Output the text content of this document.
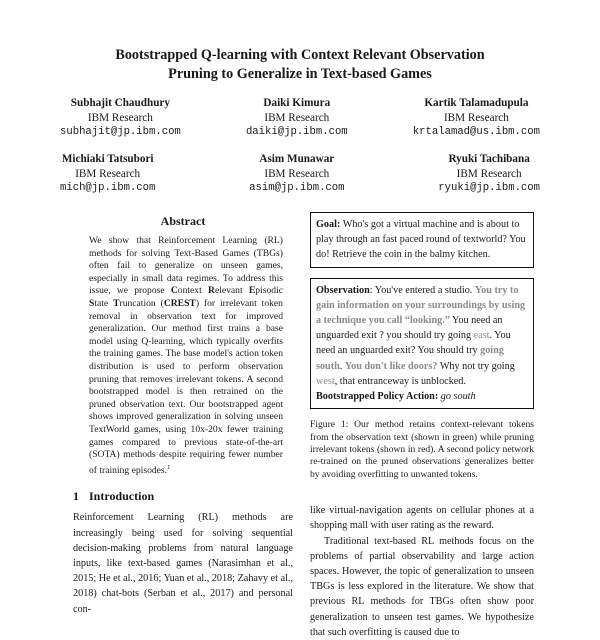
Bootstrapped Q-learning with Context Relevant Observation
Pruning to Generalize in Text-based Games
Subhajit Chaudhury
IBM Research
subhajit@jp.ibm.com
Daiki Kimura
IBM Research
daiki@jp.ibm.com
Kartik Talamadupula
IBM Research
krtalamad@us.ibm.com
Michiaki Tatsubori
IBM Research
mich@jp.ibm.com
Asim Munawar
IBM Research
asim@jp.ibm.com
Ryuki Tachibana
IBM Research
ryuki@jp.ibm.com
Abstract
We show that Reinforcement Learning (RL) methods for solving Text-Based Games (TBGs) often fail to generalize on unseen games, especially in small data regimes. To address this issue, we propose Context Relevant Episodic State Truncation (CREST) for irrelevant token removal in observation text for improved generalization. Our method first trains a base model using Q-learning, which typically overfits the training games. The base model's action token distribution is used to perform observation pruning that removes irrelevant tokens. A second bootstrapped model is then retrained on the pruned observation text. Our bootstrapped agent shows improved generalization in solving unseen TextWorld games, using 10x-20x fewer training games compared to previous state-of-the-art (SOTA) methods despite requiring fewer number of training episodes.$^1$
1 Introduction
Reinforcement Learning (RL) methods are increasingly being used for solving sequential decision-making problems from natural language inputs, like text-based games (Narasimhan et al., 2015; He et al., 2016; Yuan et al., 2018; Zahavy et al., 2018) chat-bots (Serban et al., 2017) and personal con-
Goal: Who's got a virtual machine and is about to play through an fast paced round of textworld? You do! Retrieve the coin in the balmy kitchen.
Observation: You've entered a studio. You try to gain information on your surroundings by using a technique you call “looking.” You need an unguarded exit ? you should try going east. You need an unguarded exit? You should try going south. You don't like doors? Why not try going west, that entranceway is unblocked.
Bootstrapped Policy Action: go south
Figure 1: Our method retains context-relevant tokens from the observation text (shown in green) while pruning irrelevant tokens (shown in red). A second policy network re-trained on the pruned observations generalizes better by avoiding overfitting to unwanted tokens.
like virtual-navigation agents on cellular phones at a shopping mall with user rating as the reward.
Traditional text-based RL methods focus on the problems of partial observability and large action spaces. However, the topic of generalization to unseen TBGs is less explored in the literature. We show that previous RL methods for TBGs often show poor generalization to unseen test games. We hypothesize that such overfitting is caused due to
